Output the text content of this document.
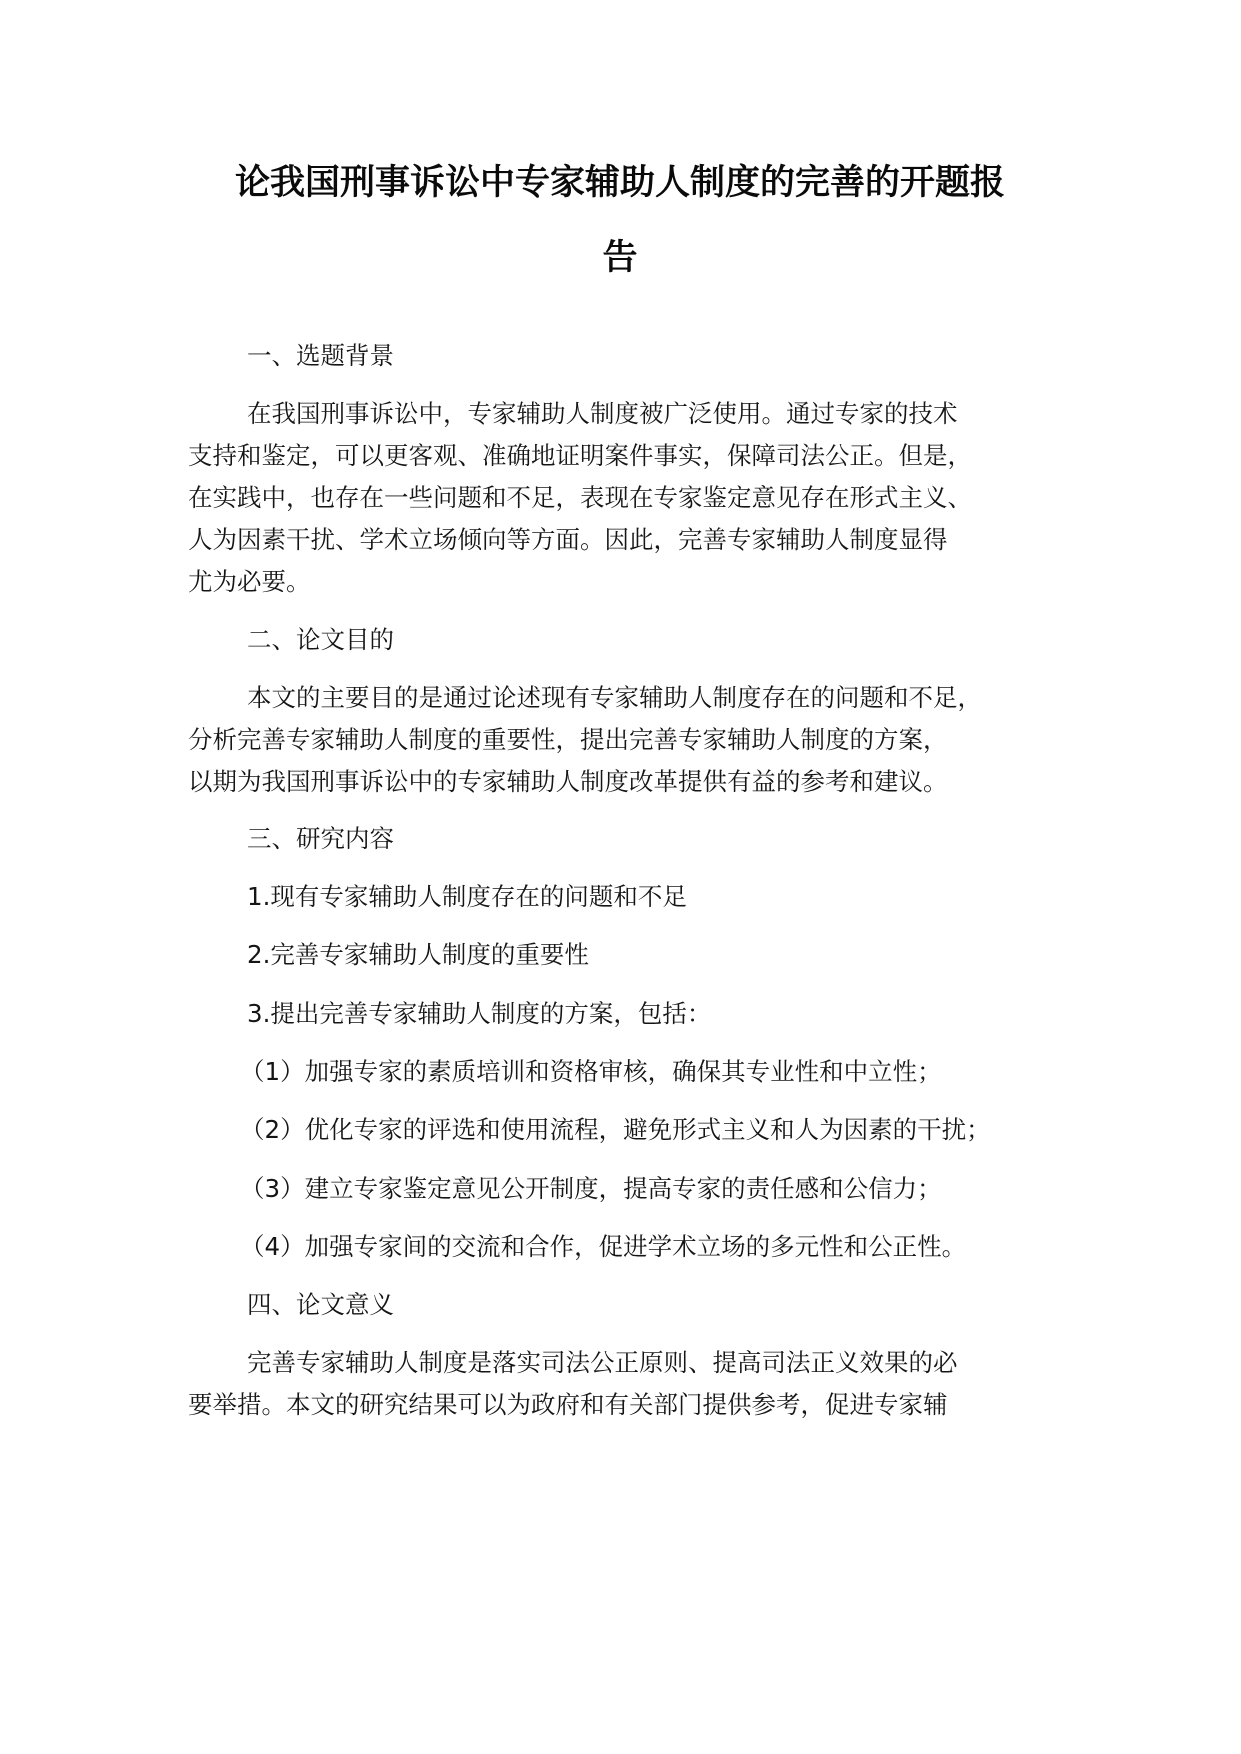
论我国刑事诉讼中专家辅助人制度的完善的开题报
告
一、选题背景
在我国刑事诉讼中，专家辅助人制度被广泛使用。通过专家的技术
支持和鉴定，可以更客观、准确地证明案件事实，保障司法公正。但是，
在实践中，也存在一些问题和不足，表现在专家鉴定意见存在形式主义、
人为因素干扰、学术立场倾向等方面。因此，完善专家辅助人制度显得
尤为必要。
二、论文目的
本文的主要目的是通过论述现有专家辅助人制度存在的问题和不足，
分析完善专家辅助人制度的重要性，提出完善专家辅助人制度的方案，
以期为我国刑事诉讼中的专家辅助人制度改革提供有益的参考和建议。
三、研究内容
1.现有专家辅助人制度存在的问题和不足
2.完善专家辅助人制度的重要性
3.提出完善专家辅助人制度的方案，包括：
（1）加强专家的素质培训和资格审核，确保其专业性和中立性；
（2）优化专家的评选和使用流程，避免形式主义和人为因素的干扰；
（3）建立专家鉴定意见公开制度，提高专家的责任感和公信力；
（4）加强专家间的交流和合作，促进学术立场的多元性和公正性。
四、论文意义
完善专家辅助人制度是落实司法公正原则、提高司法正义效果的必
要举措。本文的研究结果可以为政府和有关部门提供参考，促进专家辅
